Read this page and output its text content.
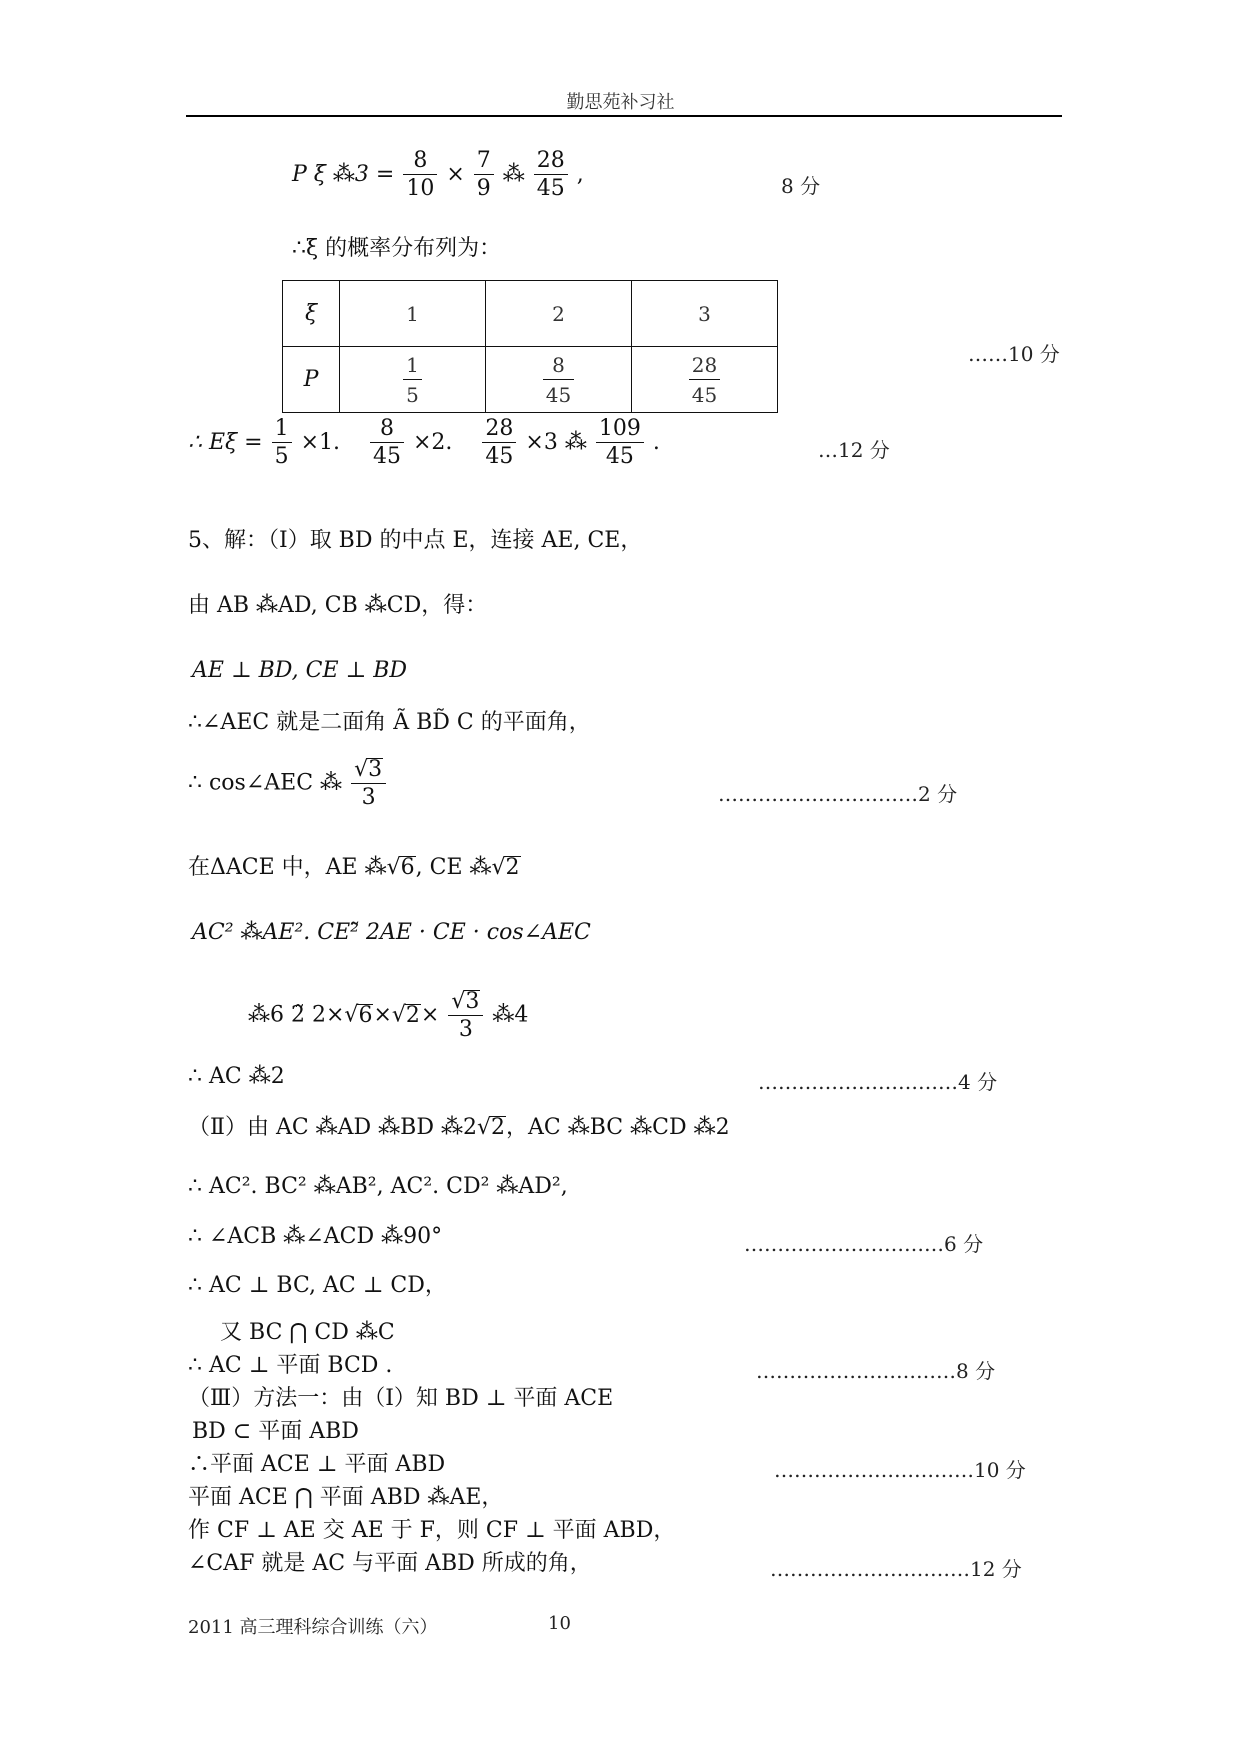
勤思苑补习社
P ξ ⁂3 = $\frac{8}{10} \times \frac{7}{9}$ ⁂ $\frac{28}{45}$ ,	8 分
∴ξ 的概率分布列为：
ξ	1	2	3
P	$\frac{1}{5}$	$\frac{8}{45}$	$\frac{28}{45}$	……10 分
∴ $E\xi = \frac{1}{5} \times 1$. $\frac{8}{45} \times 2$. $\frac{28}{45} \times 3$ ⁂ $\frac{109}{45}$ .	…12 分
5、解：（Ⅰ）取 BD 的中点 E，连接 AE, CE，
由 AB ⁂AD, CB ⁂CD，得：
AE ⊥ BD, CE ⊥ BD
∴∠AEC 就是二面角 Ã BD̃ C 的平面角，
∴ cos∠AEC ⁂ $\frac{√3}{3}$	…………………………2 分
在ΔACE 中，AE ⁂√6, CE ⁂√2
AC² ⁂AE². CE²̃ 2AE · CE · cos∠AEC
⁂6 2̃ $2\times√6\times√2\times \frac{√3}{3}$ ⁂4
∴ AC ⁂2	…………………………4 分
（Ⅱ）由 AC ⁂AD ⁂BD ⁂2√2，AC ⁂BC ⁂CD ⁂2
∴ AC². BC² ⁂AB², AC². CD² ⁂AD²,
∴ ∠ACB ⁂∠ACD ⁂90°	…………………………6 分
∴ AC ⊥ BC, AC ⊥ CD，
又 BC ⋂ CD ⁂C
∴ AC ⊥ 平面 BCD .	…………………………8 分
（Ⅲ）方法一：由（Ⅰ）知 BD ⊥ 平面 ACE
BD ⊂ 平面 ABD
∴平面 ACE ⊥ 平面 ABD	…………………………10 分
平面 ACE ⋂ 平面 ABD ⁂AE，
作 CF ⊥ AE 交 AE 于 F，则 CF ⊥ 平面 ABD，
∠CAF 就是 AC 与平面 ABD 所成的角，	…………………………12 分
2011 高三理科综合训练（六）	10
